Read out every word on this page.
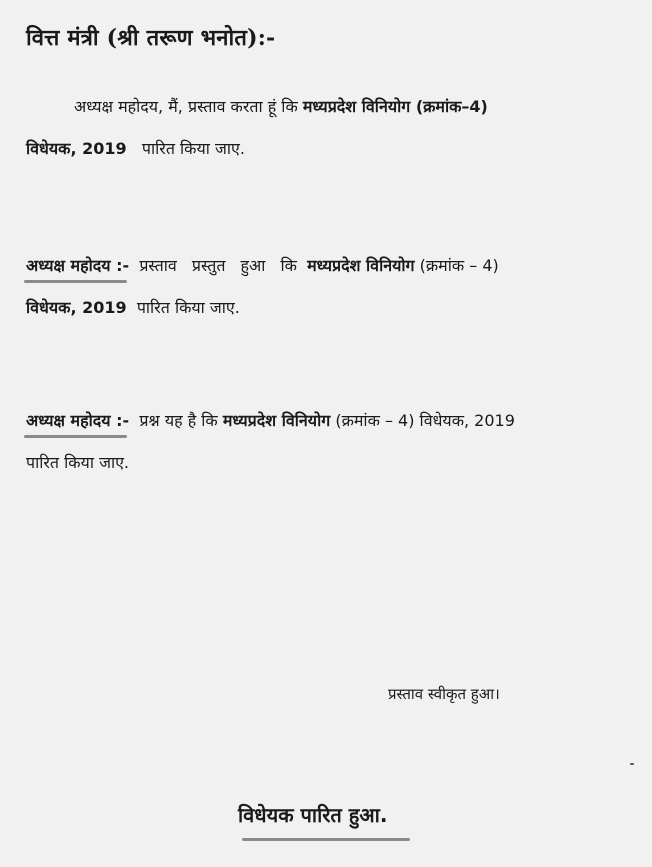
वित्त मंत्री (श्री तरूण भनोत):-
अध्यक्ष महोदय, मैं, प्रस्ताव करता हूं कि मध्यप्रदेश विनियोग (क्रमांक–4)
विधेयक, 2019 पारित किया जाए.
अध्यक्ष महोदय :- प्रस्ताव प्रस्तुत हुआ कि मध्यप्रदेश विनियोग (क्रमांक – 4)
विधेयक, 2019 पारित किया जाए.
अध्यक्ष महोदय :- प्रश्न यह है कि मध्यप्रदेश विनियोग (क्रमांक – 4) विधेयक, 2019
पारित किया जाए.
प्रस्ताव स्वीकृत हुआ।
विधेयक पारित हुआ.
